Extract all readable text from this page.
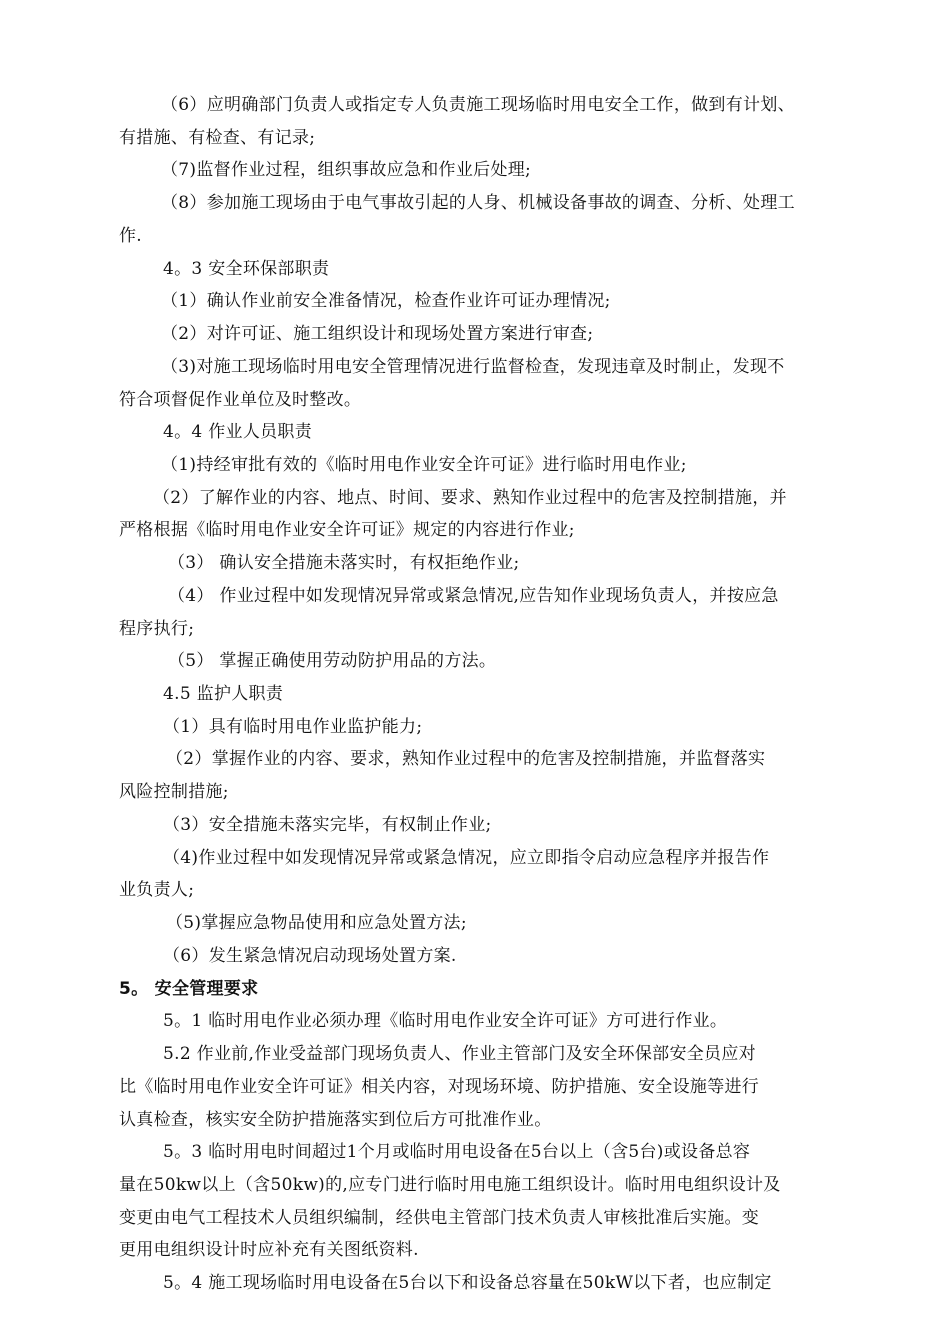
（6）应明确部门负责人或指定专人负责施工现场临时用电安全工作，做到有计划、
有措施、有检查、有记录;
（7)监督作业过程，组织事故应急和作业后处理;
（8）参加施工现场由于电气事故引起的人身、机械设备事故的调查、分析、处理工
作.
4。3 安全环保部职责
（1）确认作业前安全准备情况，检查作业许可证办理情况;
（2）对许可证、施工组织设计和现场处置方案进行审查;
（3)对施工现场临时用电安全管理情况进行监督检查，发现违章及时制止，发现不
符合项督促作业单位及时整改。
4。4 作业人员职责
（1)持经审批有效的《临时用电作业安全许可证》进行临时用电作业;
（2）了解作业的内容、地点、时间、要求、熟知作业过程中的危害及控制措施，并
严格根据《临时用电作业安全许可证》规定的内容进行作业;
（3） 确认安全措施未落实时，有权拒绝作业;
（4） 作业过程中如发现情况异常或紧急情况,应告知作业现场负责人，并按应急
程序执行;
（5） 掌握正确使用劳动防护用品的方法。
4.5 监护人职责
（1）具有临时用电作业监护能力;
（2）掌握作业的内容、要求，熟知作业过程中的危害及控制措施，并监督落实
风险控制措施;
（3）安全措施未落实完毕，有权制止作业;
（4)作业过程中如发现情况异常或紧急情况，应立即指令启动应急程序并报告作
业负责人;
（5)掌握应急物品使用和应急处置方法;
（6）发生紧急情况启动现场处置方案.
5。 安全管理要求
5。1 临时用电作业必须办理《临时用电作业安全许可证》方可进行作业。
5.2 作业前,作业受益部门现场负责人、作业主管部门及安全环保部安全员应对
比《临时用电作业安全许可证》相关内容，对现场环境、防护措施、安全设施等进行
认真检查，核实安全防护措施落实到位后方可批准作业。
5。3 临时用电时间超过1个月或临时用电设备在5台以上（含5台)或设备总容
量在50kw以上（含50kw)的,应专门进行临时用电施工组织设计。临时用电组织设计及
变更由电气工程技术人员组织编制，经供电主管部门技术负责人审核批准后实施。变
更用电组织设计时应补充有关图纸资料.
5。4 施工现场临时用电设备在5台以下和设备总容量在50kW以下者，也应制定
